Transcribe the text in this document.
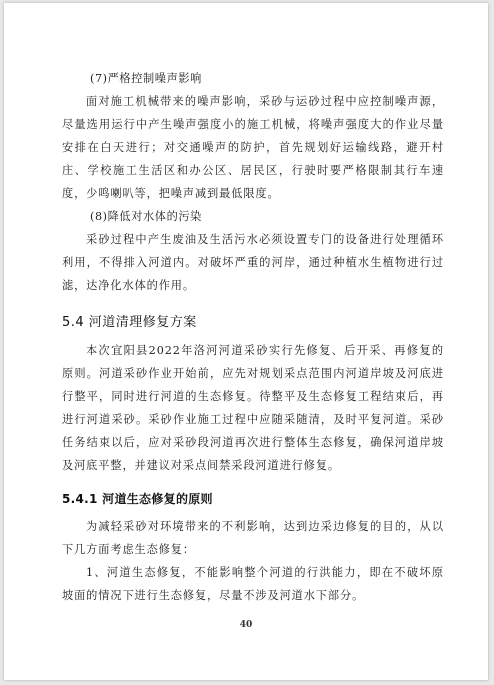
(7)严格控制噪声影响

面对施工机械带来的噪声影响，采砂与运砂过程中应控制噪声源，尽量选用运行中产生噪声强度小的施工机械，将噪声强度大的作业尽量安排在白天进行；对交通噪声的防护，首先规划好运输线路，避开村庄、学校施工生活区和办公区、居民区，行驶时要严格限制其行车速度，少鸣喇叭等，把噪声减到最低限度。

(8)降低对水体的污染

采砂过程中产生废油及生活污水必须设置专门的设备进行处理循环利用，不得排入河道内。对破坏严重的河岸，通过种植水生植物进行过滤，达净化水体的作用。

5.4 河道清理修复方案

本次宜阳县2022年洛河河道采砂实行先修复、后开采、再修复的原则。河道采砂作业开始前，应先对规划采点范围内河道岸坡及河底进行整平，同时进行河道的生态修复。待整平及生态修复工程结束后，再进行河道采砂。采砂作业施工过程中应随采随清，及时平复河道。采砂任务结束以后，应对采砂段河道再次进行整体生态修复，确保河道岸坡及河底平整，并建议对采点间禁采段河道进行修复。

5.4.1 河道生态修复的原则

为减轻采砂对环境带来的不利影响，达到边采边修复的目的，从以下几方面考虑生态修复：

1、河道生态修复，不能影响整个河道的行洪能力，即在不破坏原坡面的情况下进行生态修复，尽量不涉及河道水下部分。

40
